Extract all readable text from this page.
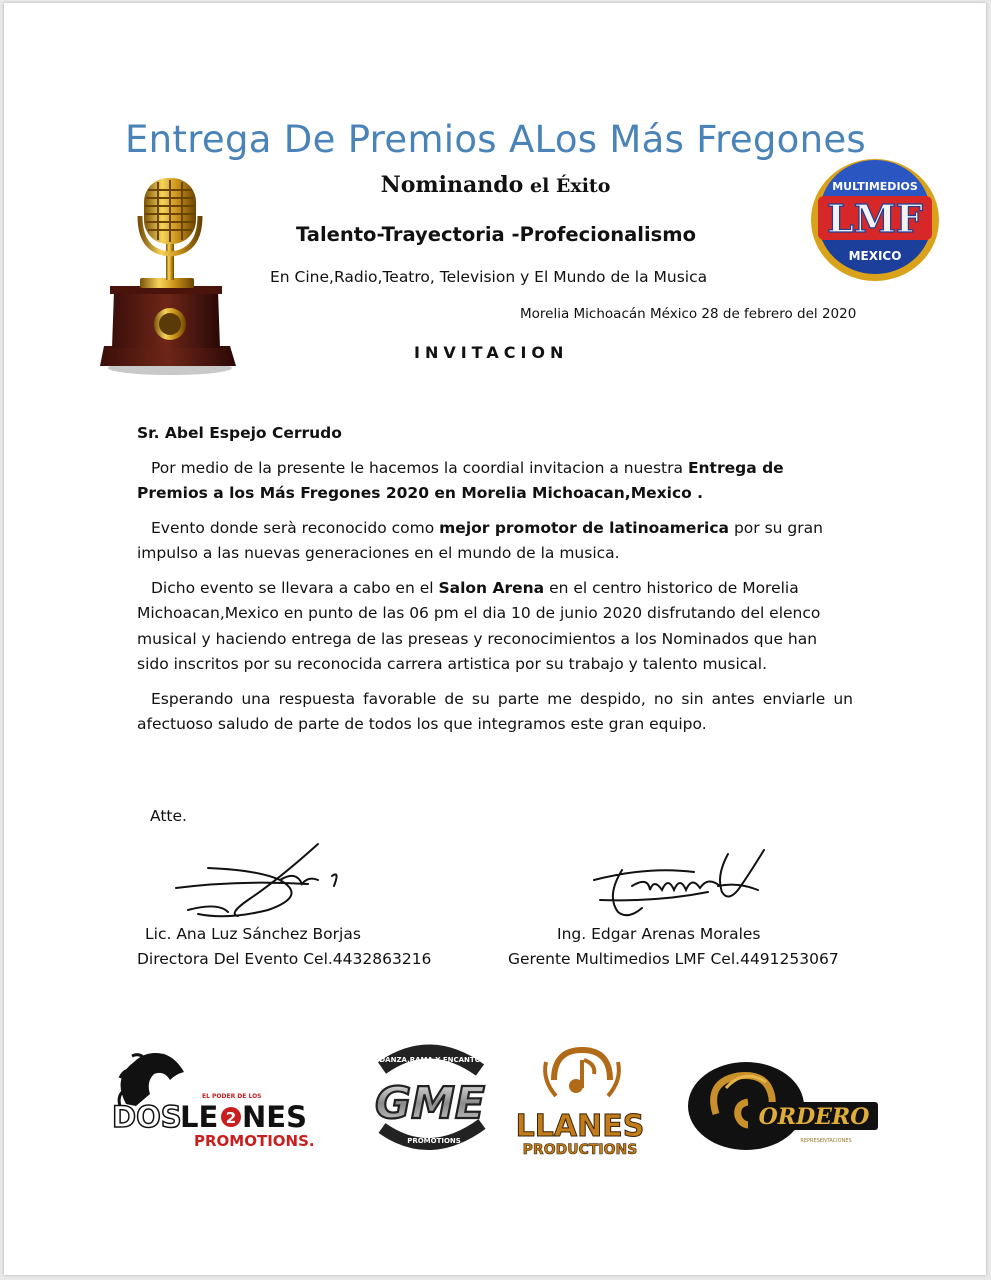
Entrega De Premios ALos Más Fregones
Nominando el Éxito
Talento-Trayectoria -Profecionalismo
En Cine,Radio,Teatro, Television y El Mundo de la Musica
Morelia Michoacán México 28 de febrero del 2020
INVITACION
LMF
MULTIMEDIOS
MEXICO

Sr. Abel Espejo Cerrudo

Por medio de la presente le hacemos la coordial invitacion a nuestra Entrega de Premios a los Más Fregones 2020 en Morelia Michoacan,Mexico .

Evento donde serà reconocido como mejor promotor de latinoamerica por su gran impulso a las nuevas generaciones en el mundo de la musica.

Dicho evento se llevara a cabo en el Salon Arena en el centro historico de Morelia Michoacan,Mexico en punto de las 06 pm el dia 10 de junio 2020 disfrutando del elenco musical y haciendo entrega de las preseas y reconocimientos a los Nominados que han sido inscritos por su reconocida carrera artistica por su trabajo y talento musical.

Esperando una respuesta favorable de su parte me despido, no sin antes enviarle un afectuoso saludo de parte de todos los que integramos este gran equipo.

Atte.
Lic. Ana Luz Sánchez Borjas
Directora Del Evento Cel.4432863216
Ing. Edgar Arenas Morales
Gerente Multimedios LMF Cel.4491253067
EL PODER DE LOS
DOS
LE 2 NES
PROMOTIONS.
DANZA,RAMA Y ENCANTO
GME
PROMOTIONS LLANES
PRODUCTIONS
ORDERO
REPRESENTACIONES
